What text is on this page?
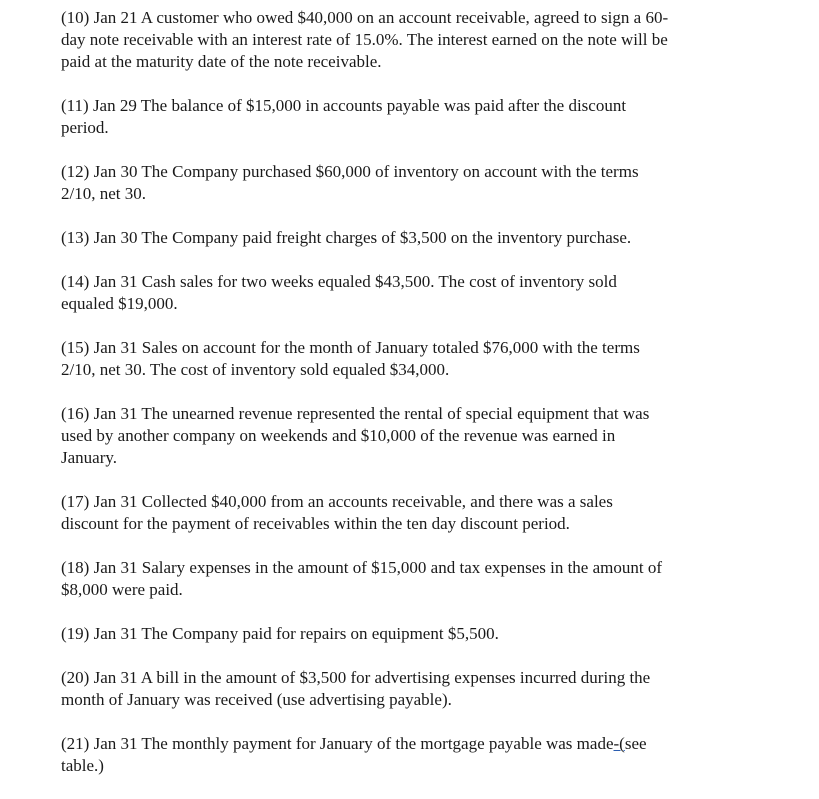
(10) Jan 21 A customer who owed $40,000 on an account receivable, agreed to sign a 60-
day note receivable with an interest rate of 15.0%. The interest earned on the note will be
paid at the maturity date of the note receivable.

(11) Jan 29 The balance of $15,000 in accounts payable was paid after the discount
period.

(12) Jan 30 The Company purchased $60,000 of inventory on account with the terms
2/10, net 30.

(13) Jan 30 The Company paid freight charges of $3,500 on the inventory purchase.

(14) Jan 31 Cash sales for two weeks equaled $43,500. The cost of inventory sold
equaled $19,000.

(15) Jan 31 Sales on account for the month of January totaled $76,000 with the terms
2/10, net 30. The cost of inventory sold equaled $34,000.

(16) Jan 31 The unearned revenue represented the rental of special equipment that was
used by another company on weekends and $10,000 of the revenue was earned in
January.

(17) Jan 31 Collected $40,000 from an accounts receivable, and there was a sales
discount for the payment of receivables within the ten day discount period.

(18) Jan 31 Salary expenses in the amount of $15,000 and tax expenses in the amount of
$8,000 were paid.

(19) Jan 31 The Company paid for repairs on equipment $5,500.

(20) Jan 31 A bill in the amount of $3,500 for advertising expenses incurred during the
month of January was received (use advertising payable).

(21) Jan 31 The monthly payment for January of the mortgage payable was made-(see
table.)
